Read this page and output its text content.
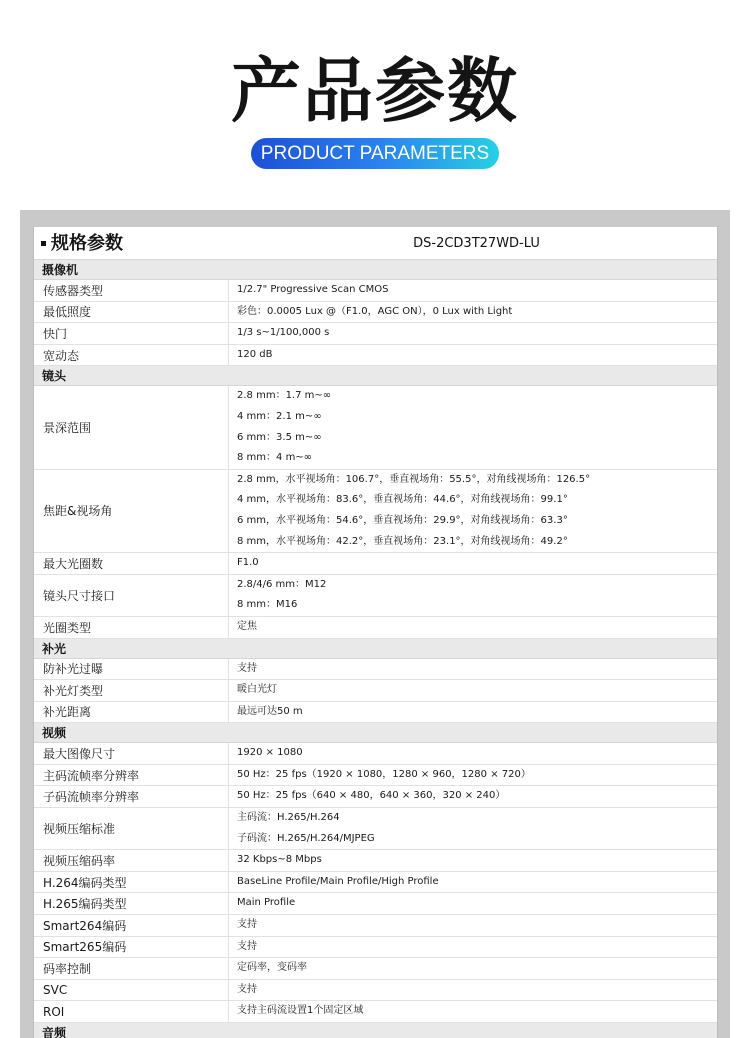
产品参数
PRODUCT PARAMETERS
规格参数	DS-2CD3T27WD-LU
摄像机
传感器类型	1/2.7" Progressive Scan CMOS
最低照度	彩色：0.0005 Lux @（F1.0，AGC ON），0 Lux with Light
快门	1/3 s~1/100,000 s
宽动态	120 dB
镜头
景深范围
2.8 mm：1.7 m~∞
4 mm：2.1 m~∞
6 mm：3.5 m~∞
8 mm：4 m~∞
焦距&视场角
2.8 mm，水平视场角：106.7°，垂直视场角：55.5°，对角线视场角：126.5°
4 mm，水平视场角：83.6°，垂直视场角：44.6°，对角线视场角：99.1°
6 mm，水平视场角：54.6°，垂直视场角：29.9°，对角线视场角：63.3°
8 mm，水平视场角：42.2°，垂直视场角：23.1°，对角线视场角：49.2°
最大光圈数	F1.0
镜头尺寸接口
2.8/4/6 mm：M12
8 mm：M16
光圈类型	定焦
补光
防补光过曝	支持
补光灯类型	暖白光灯
补光距离	最远可达50 m
视频
最大图像尺寸	1920 × 1080
主码流帧率分辨率	50 Hz：25 fps（1920 × 1080，1280 × 960，1280 × 720）
子码流帧率分辨率	50 Hz：25 fps（640 × 480，640 × 360，320 × 240）
视频压缩标准
主码流：H.265/H.264
子码流：H.265/H.264/MJPEG
视频压缩码率	32 Kbps~8 Mbps
H.264编码类型	BaseLine Profile/Main Profile/High Profile
H.265编码类型	Main Profile
Smart264编码	支持
Smart265编码	支持
码率控制	定码率，变码率
SVC	支持
ROI	支持主码流设置1个固定区域
音频
